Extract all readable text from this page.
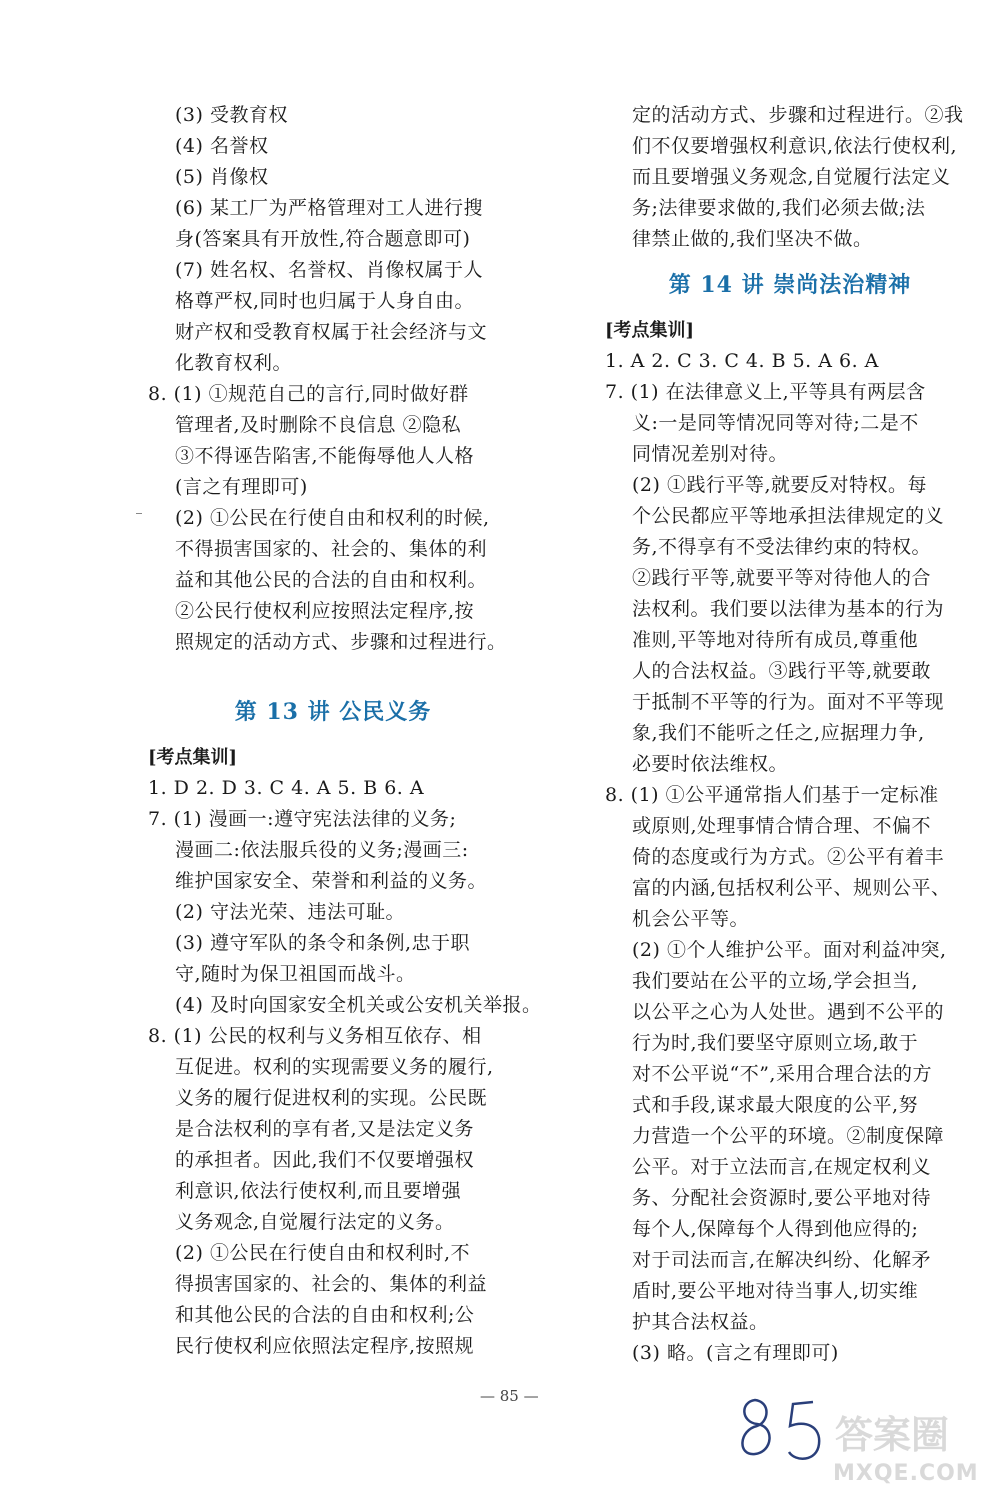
(3) 受教育权
(4) 名誉权
(5) 肖像权
(6) 某工厂为严格管理对工人进行搜
身(答案具有开放性,符合题意即可)
(7) 姓名权、名誉权、肖像权属于人
格尊严权,同时也归属于人身自由。
财产权和受教育权属于社会经济与文
化教育权利。
8. (1) ①规范自己的言行,同时做好群
管理者,及时删除不良信息 ②隐私
③不得诬告陷害,不能侮辱他人人格
(言之有理即可)
(2) ①公民在行使自由和权利的时候,
不得损害国家的、社会的、集体的利
益和其他公民的合法的自由和权利。
②公民行使权利应按照法定程序,按
照规定的活动方式、步骤和过程进行。
第 13 讲 公民义务
[考点集训]
1. D 2. D 3. C 4. A 5. B 6. A
7. (1) 漫画一:遵守宪法法律的义务;
漫画二:依法服兵役的义务;漫画三:
维护国家安全、荣誉和利益的义务。
(2) 守法光荣、违法可耻。
(3) 遵守军队的条令和条例,忠于职
守,随时为保卫祖国而战斗。
(4) 及时向国家安全机关或公安机关举报。
8. (1) 公民的权利与义务相互依存、相
互促进。权利的实现需要义务的履行,
义务的履行促进权利的实现。公民既
是合法权利的享有者,又是法定义务
的承担者。因此,我们不仅要增强权
利意识,依法行使权利,而且要增强
义务观念,自觉履行法定的义务。
(2) ①公民在行使自由和权利时,不
得损害国家的、社会的、集体的利益
和其他公民的合法的自由和权利;公
民行使权利应依照法定程序,按照规
定的活动方式、步骤和过程进行。②我
们不仅要增强权利意识,依法行使权利,
而且要增强义务观念,自觉履行法定义
务;法律要求做的,我们必须去做;法
律禁止做的,我们坚决不做。
第 14 讲 崇尚法治精神
[考点集训]
1. A 2. C 3. C 4. B 5. A 6. A
7. (1) 在法律意义上,平等具有两层含
义:一是同等情况同等对待;二是不
同情况差别对待。
(2) ①践行平等,就要反对特权。每
个公民都应平等地承担法律规定的义
务,不得享有不受法律约束的特权。
②践行平等,就要平等对待他人的合
法权利。我们要以法律为基本的行为
准则,平等地对待所有成员,尊重他
人的合法权益。③践行平等,就要敢
于抵制不平等的行为。面对不平等现
象,我们不能听之任之,应据理力争,
必要时依法维权。
8. (1) ①公平通常指人们基于一定标准
或原则,处理事情合情合理、不偏不
倚的态度或行为方式。②公平有着丰
富的内涵,包括权利公平、规则公平、
机会公平等。
(2) ①个人维护公平。面对利益冲突,
我们要站在公平的立场,学会担当,
以公平之心为人处世。遇到不公平的
行为时,我们要坚守原则立场,敢于
对不公平说“不”,采用合理合法的方
式和手段,谋求最大限度的公平,努
力营造一个公平的环境。②制度保障
公平。对于立法而言,在规定权利义
务、分配社会资源时,要公平地对待
每个人,保障每个人得到他应得的;
对于司法而言,在解决纠纷、化解矛
盾时,要公平地对待当事人,切实维
护其合法权益。
(3) 略。(言之有理即可)
— 85 —
答案圈
MXQE.COM
